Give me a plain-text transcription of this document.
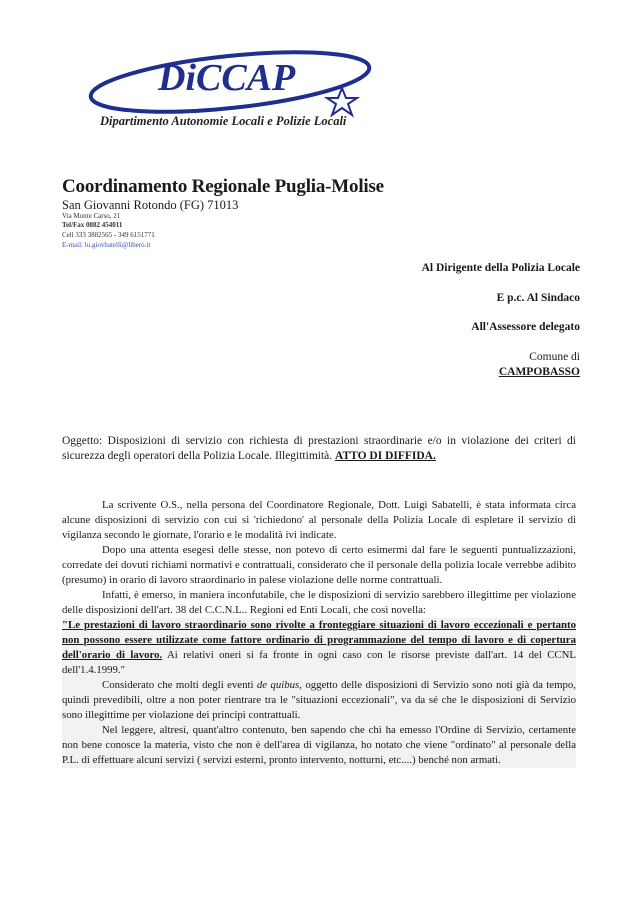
DiCCAP
Dipartimento Autonomie Locali e Polizie Locali
Coordinamento Regionale Puglia-Molise
San Giovanni Rotondo (FG) 71013
Via Monte Carso, 21
Tel/Fax 0882 454011
Cell 333 3882565 - 349 6151771
E-mail: lu.giovbatelli@libero.it
Al Dirigente della Polizia Locale
E p.c. Al Sindaco
All'Assessore delegato
Comune di
CAMPOBASSO
Oggetto: Disposizioni di servizio con richiesta di prestazioni straordinarie e/o in violazione dei criteri di sicurezza degli operatori della Polizia Locale. Illegittimità. ATTO DI DIFFIDA.

La scrivente O.S., nella persona del Coordinatore Regionale, Dott. Luigi Sabatelli, è stata informata circa alcune disposizioni di servizio con cui si 'richiedono' al personale della Polizia Locale di espletare il servizio di vigilanza secondo le giornate, l'orario e le modalità ivi indicate.

Dopo una attenta esegesi delle stesse, non potevo di certo esimermi dal fare le seguenti puntualizzazioni, corredate dei dovuti richiami normativi e contrattuali, considerato che il personale della polizia locale verrebbe adibito (presumo) in orario di lavoro straordinario in palese violazione delle norme contrattuali.

Infatti, è emerso, in maniera inconfutabile, che le disposizioni di servizio sarebbero illegittime per violazione delle disposizioni dell'art. 38 del C.C.N.L.. Regioni ed Enti Locali, che così novella:

"Le prestazioni di lavoro straordinario sono rivolte a fronteggiare situazioni di lavoro eccezionali e pertanto non possono essere utilizzate come fattore ordinario di programmazione del tempo di lavoro e di copertura dell'orario di lavoro. Ai relativi oneri si fa fronte in ogni caso con le risorse previste dall'art. 14 del CCNL dell'1.4.1999."

Considerato che molti degli eventi de quibus, oggetto delle disposizioni di Servizio sono noti già da tempo, quindi prevedibili, oltre a non poter rientrare tra le "situazioni eccezionali", va da sé che le disposizioni di Servizio sono illegittime per violazione dei principi contrattuali.

Nel leggere, altresì, quant'altro contenuto, ben sapendo che chi ha emesso l'Ordine di Servizio, certamente non bene conosce la materia, visto che non è dell'area di vigilanza, ho notato che viene "ordinato" al personale della P.L. di effettuare alcuni servizi ( servizi esterni, pronto intervento, notturni, etc....) benché non armati.
